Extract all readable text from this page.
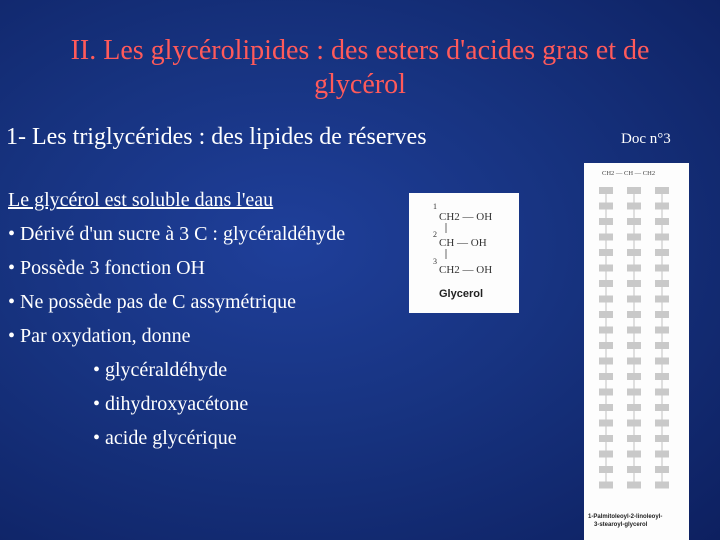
II. Les glycérolipides : des esters d'acides gras et de glycérol
1- Les triglycérides : des lipides de réserves	Doc n°3
Le glycérol est soluble dans l'eau
• Dérivé d'un sucre à 3 C : glycéraldéhyde
• Possède 3 fonction OH
• Ne possède pas de C assymétrique
• Par oxydation, donne
• glycéraldéhyde
• dihydroxyacétone
• acide glycérique
1
CH2 — OH
2
CH — OH
3
CH2 — OH
Glycerol
CH2 — CH — CH2
1-Palmitoleoyl-2-linoleoyl-
3-stearoyl-glycerol
